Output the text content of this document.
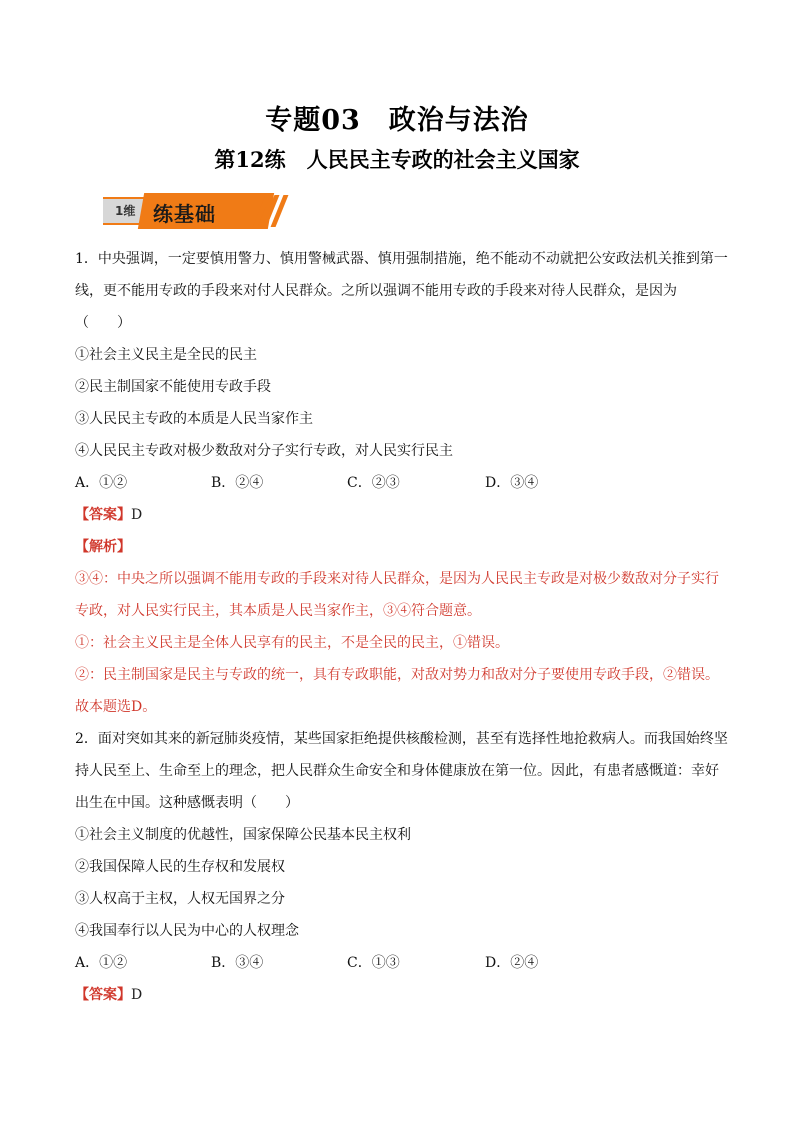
专题03　政治与法治
第12练　人民民主专政的社会主义国家
1维 练基础
1．中央强调，一定要慎用警力、慎用警械武器、慎用强制措施，绝不能动不动就把公安政法机关推到第一
线，更不能用专政的手段来对付人民群众。之所以强调不能用专政的手段来对待人民群众，是因为
（　　）
①社会主义民主是全民的民主
②民主制国家不能使用专政手段
③人民民主专政的本质是人民当家作主
④人民民主专政对极少数敌对分子实行专政，对人民实行民主
A．①②	B．②④	C．②③	D．③④
【答案】D
【解析】
③④：中央之所以强调不能用专政的手段来对待人民群众，是因为人民民主专政是对极少数敌对分子实行
专政，对人民实行民主，其本质是人民当家作主，③④符合题意。
①：社会主义民主是全体人民享有的民主，不是全民的民主，①错误。
②：民主制国家是民主与专政的统一，具有专政职能，对敌对势力和敌对分子要使用专政手段，②错误。
故本题选D。
2．面对突如其来的新冠肺炎疫情，某些国家拒绝提供核酸检测，甚至有选择性地抢救病人。而我国始终坚
持人民至上、生命至上的理念，把人民群众生命安全和身体健康放在第一位。因此，有患者感慨道：幸好
出生在中国。这种感慨表明（　　）
①社会主义制度的优越性，国家保障公民基本民主权利
②我国保障人民的生存权和发展权
③人权高于主权，人权无国界之分
④我国奉行以人民为中心的人权理念
A．①②	B．③④	C．①③	D．②④
【答案】D
